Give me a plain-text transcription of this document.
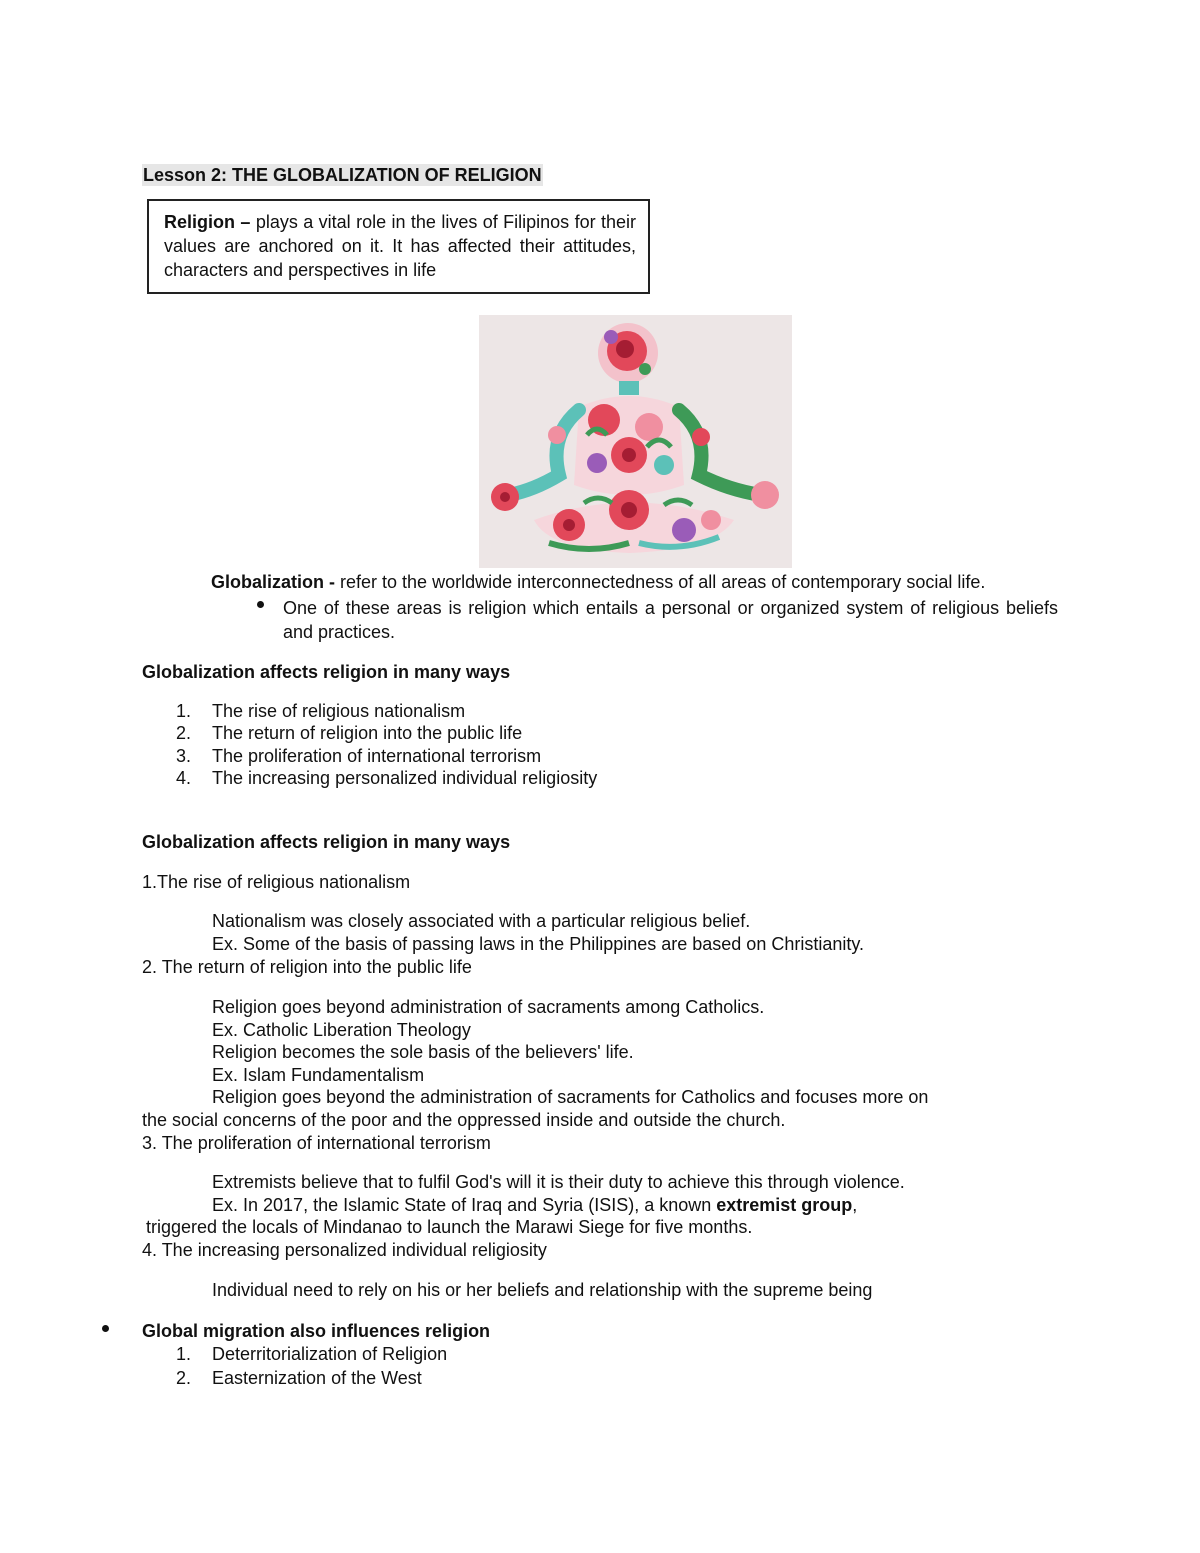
Lesson 2: THE GLOBALIZATION OF RELIGION
Religion – plays a vital role in the lives of Filipinos for their values are anchored on it. It has affected their attitudes, characters and perspectives in life
Globalization - refer to the worldwide interconnectedness of all areas of contemporary social life.
One of these areas is religion which entails a personal or organized system of religious beliefs and practices.
Globalization affects religion in many ways
1. The rise of religious nationalism
2. The return of religion into the public life
3. The proliferation of international terrorism
4. The increasing personalized individual religiosity
Globalization affects religion in many ways
1.The rise of religious nationalism
Nationalism was closely associated with a particular religious belief.
Ex. Some of the basis of passing laws in the Philippines are based on Christianity.
2. The return of religion into the public life
Religion goes beyond administration of sacraments among Catholics.
Ex. Catholic Liberation Theology
Religion becomes the sole basis of the believers' life.
Ex. Islam Fundamentalism
Religion goes beyond the administration of sacraments for Catholics and focuses more on
the social concerns of the poor and the oppressed inside and outside the church.
3. The proliferation of international terrorism
Extremists believe that to fulfil God's will it is their duty to achieve this through violence.
Ex. In 2017, the Islamic State of Iraq and Syria (ISIS), a known extremist group,
triggered the locals of Mindanao to launch the Marawi Siege for five months.
4. The increasing personalized individual religiosity
Individual need to rely on his or her beliefs and relationship with the supreme being
Global migration also influences religion
1. Deterritorialization of Religion
2. Easternization of the West
